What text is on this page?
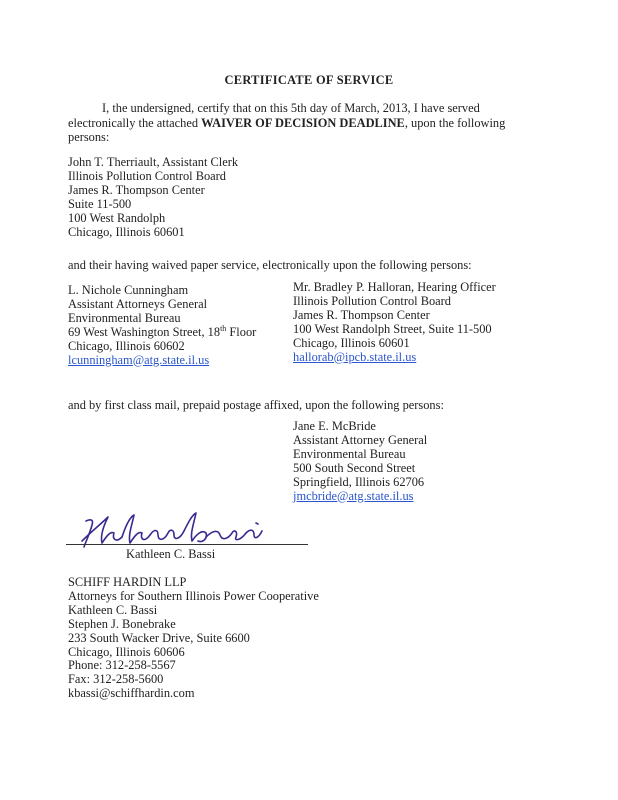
CERTIFICATE OF SERVICE
I, the undersigned, certify that on this 5th day of March, 2013, I have served
electronically the attached WAIVER OF DECISION DEADLINE, upon the following
persons:
John T. Therriault, Assistant Clerk
Illinois Pollution Control Board
James R. Thompson Center
Suite 11-500
100 West Randolph
Chicago, Illinois 60601
and their having waived paper service, electronically upon the following persons:
L. Nichole Cunningham
Assistant Attorneys General
Environmental Bureau
69 West Washington Street, 18th Floor
Chicago, Illinois 60602
lcunningham@atg.state.il.us
Mr. Bradley P. Halloran, Hearing Officer
Illinois Pollution Control Board
James R. Thompson Center
100 West Randolph Street, Suite 11-500
Chicago, Illinois 60601
hallorab@ipcb.state.il.us
and by first class mail, prepaid postage affixed, upon the following persons:
Jane E. McBride
Assistant Attorney General
Environmental Bureau
500 South Second Street
Springfield, Illinois 62706
jmcbride@atg.state.il.us
Kathleen C. Bassi
SCHIFF HARDIN LLP
Attorneys for Southern Illinois Power Cooperative
Kathleen C. Bassi
Stephen J. Bonebrake
233 South Wacker Drive, Suite 6600
Chicago, Illinois 60606
Phone: 312-258-5567
Fax: 312-258-5600
kbassi@schiffhardin.com
